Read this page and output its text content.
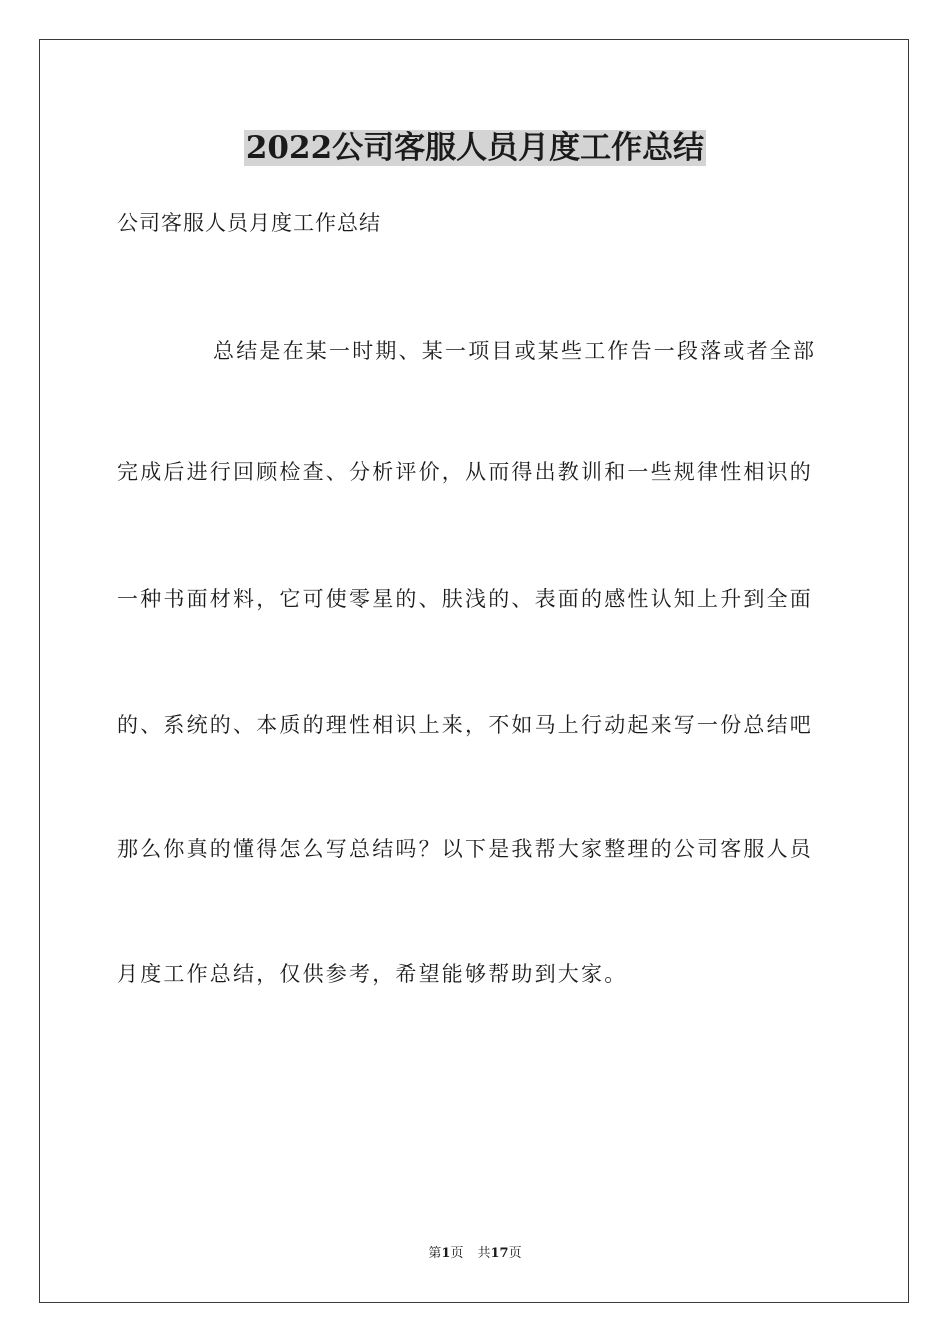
2022公司客服人员月度工作总结
公司客服人员月度工作总结
总结是在某一时期、某一项目或某些工作告一段落或者全部
完成后进行回顾检查、分析评价，从而得出教训和一些规律性相识的
一种书面材料，它可使零星的、肤浅的、表面的感性认知上升到全面
的、系统的、本质的理性相识上来，不如马上行动起来写一份总结吧
那么你真的懂得怎么写总结吗？以下是我帮大家整理的公司客服人员
月度工作总结，仅供参考，希望能够帮助到大家。
第1页 共17页
